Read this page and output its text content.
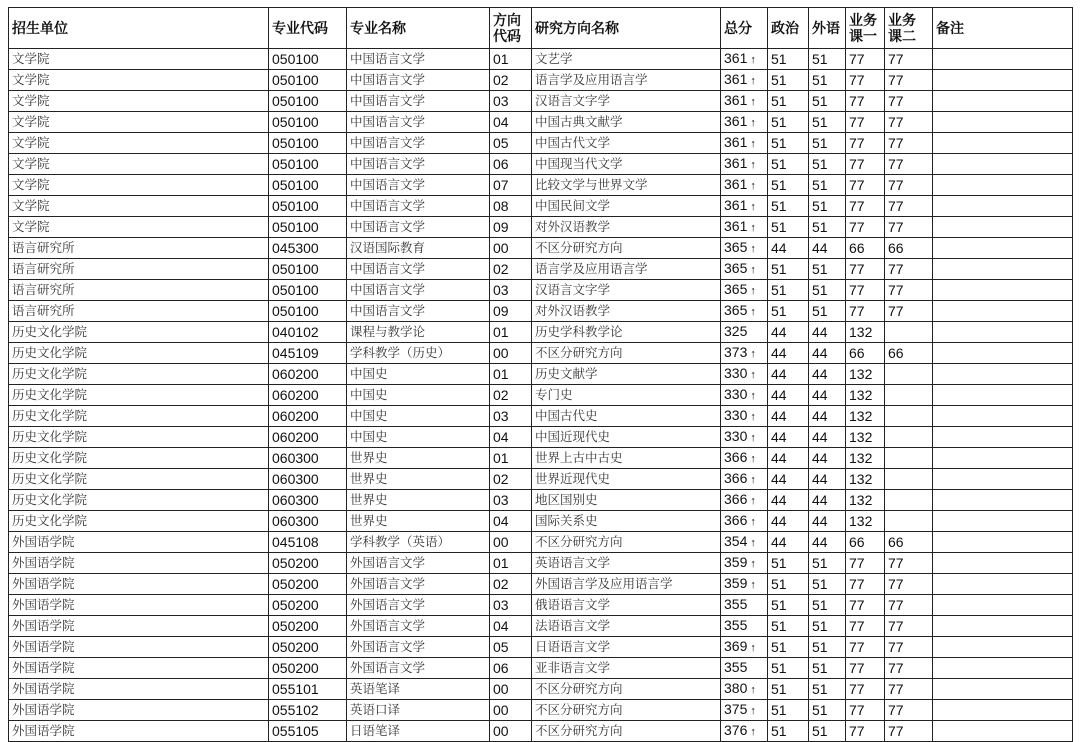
招生单位	专业代码	专业名称	方向代码	研究方向名称	总分	政治	外语	业务课一	业务课二	备注
文学院	050100	中国语言文学	01	文艺学	361 ↑	51	51	77	77	
文学院	050100	中国语言文学	02	语言学及应用语言学	361 ↑	51	51	77	77	
文学院	050100	中国语言文学	03	汉语言文字学	361 ↑	51	51	77	77	
文学院	050100	中国语言文学	04	中国古典文献学	361 ↑	51	51	77	77	
文学院	050100	中国语言文学	05	中国古代文学	361 ↑	51	51	77	77	
文学院	050100	中国语言文学	06	中国现当代文学	361 ↑	51	51	77	77	
文学院	050100	中国语言文学	07	比较文学与世界文学	361 ↑	51	51	77	77	
文学院	050100	中国语言文学	08	中国民间文学	361 ↑	51	51	77	77	
文学院	050100	中国语言文学	09	对外汉语教学	361 ↑	51	51	77	77	
语言研究所	045300	汉语国际教育	00	不区分研究方向	365 ↑	44	44	66	66	
语言研究所	050100	中国语言文学	02	语言学及应用语言学	365 ↑	51	51	77	77	
语言研究所	050100	中国语言文学	03	汉语言文字学	365 ↑	51	51	77	77	
语言研究所	050100	中国语言文学	09	对外汉语教学	365 ↑	51	51	77	77	
历史文化学院	040102	课程与教学论	01	历史学科教学论	325	44	44	132		
历史文化学院	045109	学科教学（历史）	00	不区分研究方向	373 ↑	44	44	66	66	
历史文化学院	060200	中国史	01	历史文献学	330 ↑	44	44	132		
历史文化学院	060200	中国史	02	专门史	330 ↑	44	44	132		
历史文化学院	060200	中国史	03	中国古代史	330 ↑	44	44	132		
历史文化学院	060200	中国史	04	中国近现代史	330 ↑	44	44	132		
历史文化学院	060300	世界史	01	世界上古中古史	366 ↑	44	44	132		
历史文化学院	060300	世界史	02	世界近现代史	366 ↑	44	44	132		
历史文化学院	060300	世界史	03	地区国别史	366 ↑	44	44	132		
历史文化学院	060300	世界史	04	国际关系史	366 ↑	44	44	132		
外国语学院	045108	学科教学（英语）	00	不区分研究方向	354 ↑	44	44	66	66	
外国语学院	050200	外国语言文学	01	英语语言文学	359 ↑	51	51	77	77	
外国语学院	050200	外国语言文学	02	外国语言学及应用语言学	359 ↑	51	51	77	77	
外国语学院	050200	外国语言文学	03	俄语语言文学	355	51	51	77	77	
外国语学院	050200	外国语言文学	04	法语语言文学	355	51	51	77	77	
外国语学院	050200	外国语言文学	05	日语语言文学	369 ↑	51	51	77	77	
外国语学院	050200	外国语言文学	06	亚非语言文学	355	51	51	77	77	
外国语学院	055101	英语笔译	00	不区分研究方向	380 ↑	51	51	77	77	
外国语学院	055102	英语口译	00	不区分研究方向	375 ↑	51	51	77	77	
外国语学院	055105	日语笔译	00	不区分研究方向	376 ↑	51	51	77	77	
